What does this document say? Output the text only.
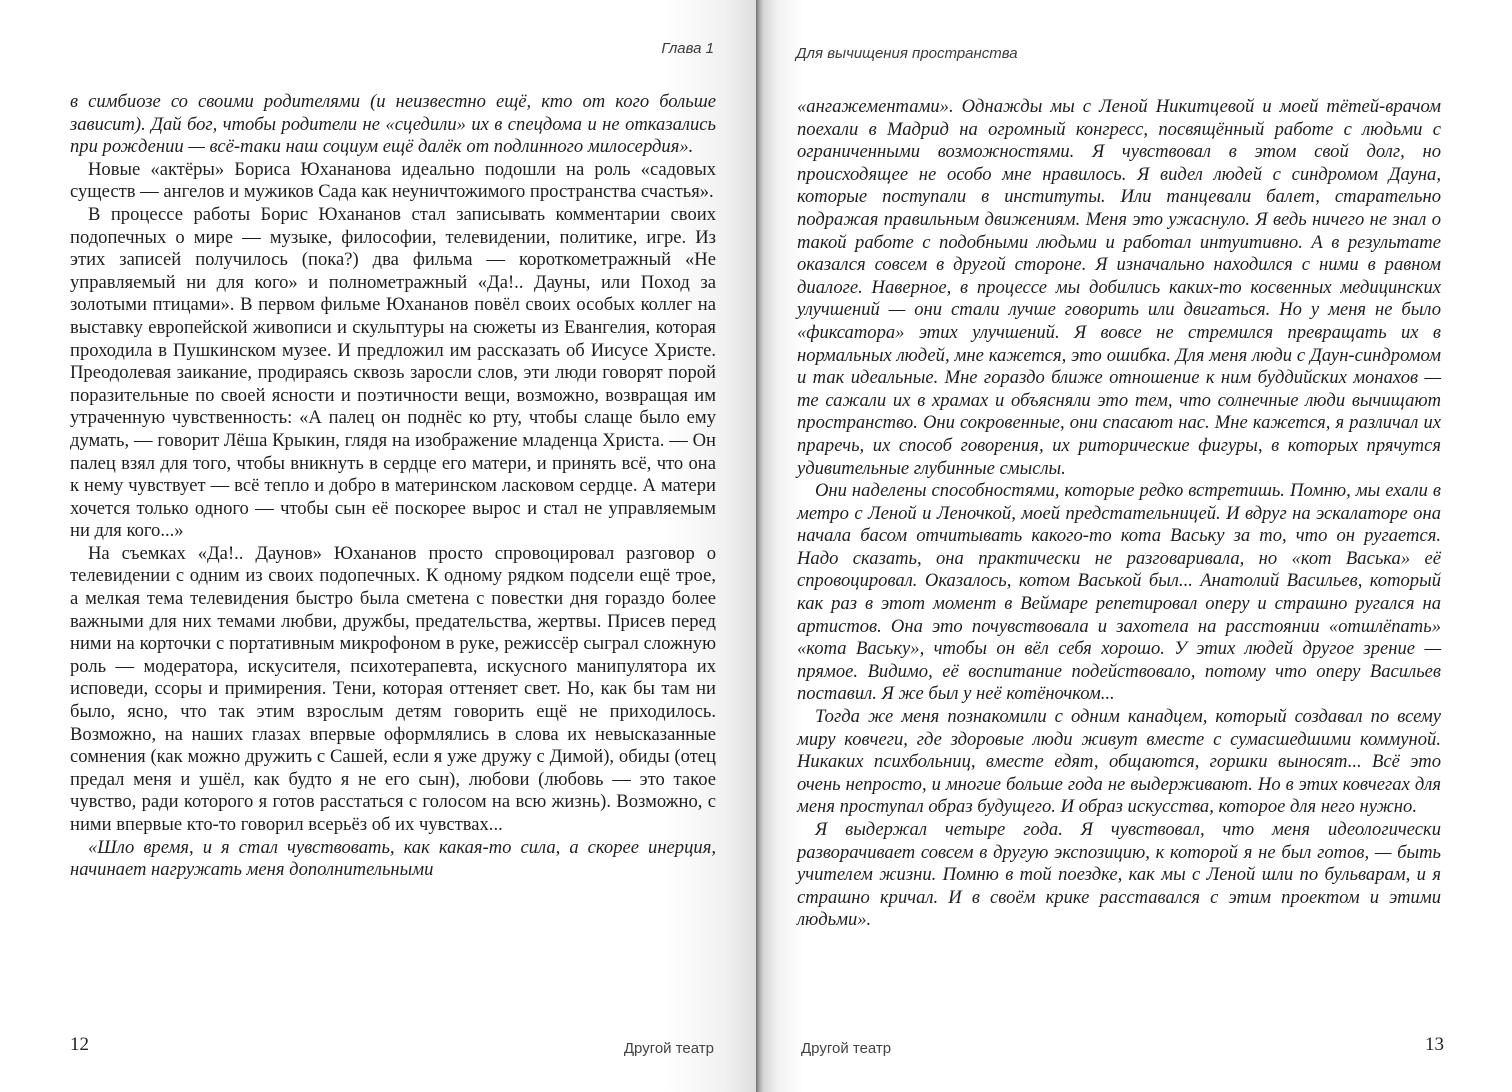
Глава 1

в симбиозе со своими родителями (и неизвестно ещё, кто от кого больше зависит). Дай бог, чтобы родители не «сцедили» их в спецдома и не отказались при рождении — всё-таки наш социум ещё далёк от подлинного милосердия».

Новые «актёры» Бориса Юхананова идеально подошли на роль «садовых существ — ангелов и мужиков Сада как неуничтожимого пространства счастья».

В процессе работы Борис Юхананов стал записывать комментарии своих подопечных о мире — музыке, философии, телевидении, политике, игре. Из этих записей получилось (пока?) два фильма — короткометражный «Не управляемый ни для кого» и полнометражный «Да!.. Дауны, или Поход за золотыми птицами». В первом фильме Юхананов повёл своих особых коллег на выставку европейской живописи и скульптуры на сюжеты из Евангелия, которая проходила в Пушкинском музее. И предложил им рассказать об Иисусе Христе. Преодолевая заикание, продираясь сквозь заросли слов, эти люди говорят порой поразительные по своей ясности и поэтичности вещи, возможно, возвращая им утраченную чувственность: «А палец он поднёс ко рту, чтобы слаще было ему думать, — говорит Лёша Крыкин, глядя на изображение младенца Христа. — Он палец взял для того, чтобы вникнуть в сердце его матери, и принять всё, что она к нему чувствует — всё тепло и добро в материнском ласковом сердце. А матери хочется только одного — чтобы сын её поскорее вырос и стал не управляемым ни для кого...»

На съемках «Да!.. Даунов» Юхананов просто спровоцировал разговор о телевидении с одним из своих подопечных. К одному рядком подсели ещё трое, а мелкая тема телевидения быстро была сметена с повестки дня гораздо более важными для них темами любви, дружбы, предательства, жертвы. Присев перед ними на корточки с портативным микрофоном в руке, режиссёр сыграл сложную роль — модератора, искусителя, психотерапевта, искусного манипулятора их исповеди, ссоры и примирения. Тени, которая оттеняет свет. Но, как бы там ни было, ясно, что так этим взрослым детям говорить ещё не приходилось. Возможно, на наших глазах впервые оформлялись в слова их невысказанные сомнения (как можно дружить с Сашей, если я уже дружу с Димой), обиды (отец предал меня и ушёл, как будто я не его сын), любови (любовь — это такое чувство, ради которого я готов расстаться с голосом на всю жизнь). Возможно, с ними впервые кто-то говорил всерьёз об их чувствах...

«Шло время, и я стал чувствовать, как какая-то сила, а скорее инерция, начинает нагружать меня дополнительными

12	Другой театр
Для вычищения пространства

«ангажементами». Однажды мы с Леной Никитцевой и моей тётей-врачом поехали в Мадрид на огромный конгресс, посвящённый работе с людьми с ограниченными возможностями. Я чувствовал в этом свой долг, но происходящее не особо мне нравилось. Я видел людей с синдромом Дауна, которые поступали в институты. Или танцевали балет, старательно подражая правильным движениям. Меня это ужаснуло. Я ведь ничего не знал о такой работе с подобными людьми и работал интуитивно. А в результате оказался совсем в другой стороне. Я изначально находился с ними в равном диалоге. Наверное, в процессе мы добились каких-то косвенных медицинских улучшений — они стали лучше говорить или двигаться. Но у меня не было «фиксатора» этих улучшений. Я вовсе не стремился превращать их в нормальных людей, мне кажется, это ошибка. Для меня люди с Даун-синдромом и так идеальные. Мне гораздо ближе отношение к ним буддийских монахов — те сажали их в храмах и объясняли это тем, что солнечные люди вычищают пространство. Они сокровенные, они спасают нас. Мне кажется, я различал их праречь, их способ говорения, их риторические фигуры, в которых прячутся удивительные глубинные смыслы.

Они наделены способностями, которые редко встретишь. Помню, мы ехали в метро с Леной и Леночкой, моей предстательницей. И вдруг на эскалаторе она начала басом отчитывать какого-то кота Ваську за то, что он ругается. Надо сказать, она практически не разговаривала, но «кот Васька» её спровоцировал. Оказалось, котом Васькой был... Анатолий Васильев, который как раз в этот момент в Веймаре репетировал оперу и страшно ругался на артистов. Она это почувствовала и захотела на расстоянии «отшлёпать» «кота Ваську», чтобы он вёл себя хорошо. У этих людей другое зрение — прямое. Видимо, её воспитание подействовало, потому что оперу Васильев поставил. Я же был у неё котёночком...

Тогда же меня познакомили с одним канадцем, который создавал по всему миру ковчеги, где здоровые люди живут вместе с сумасшедшими коммуной. Никаких психбольниц, вместе едят, общаются, горшки выносят... Всё это очень непросто, и многие больше года не выдерживают. Но в этих ковчегах для меня проступал образ будущего. И образ искусства, которое для него нужно.

Я выдержал четыре года. Я чувствовал, что меня идеологически разворачивает совсем в другую экспозицию, к которой я не был готов, — быть учителем жизни. Помню в той поездке, как мы с Леной шли по бульварам, и я страшно кричал. И в своём крике расставался с этим проектом и этими людьми».

Другой театр	13
